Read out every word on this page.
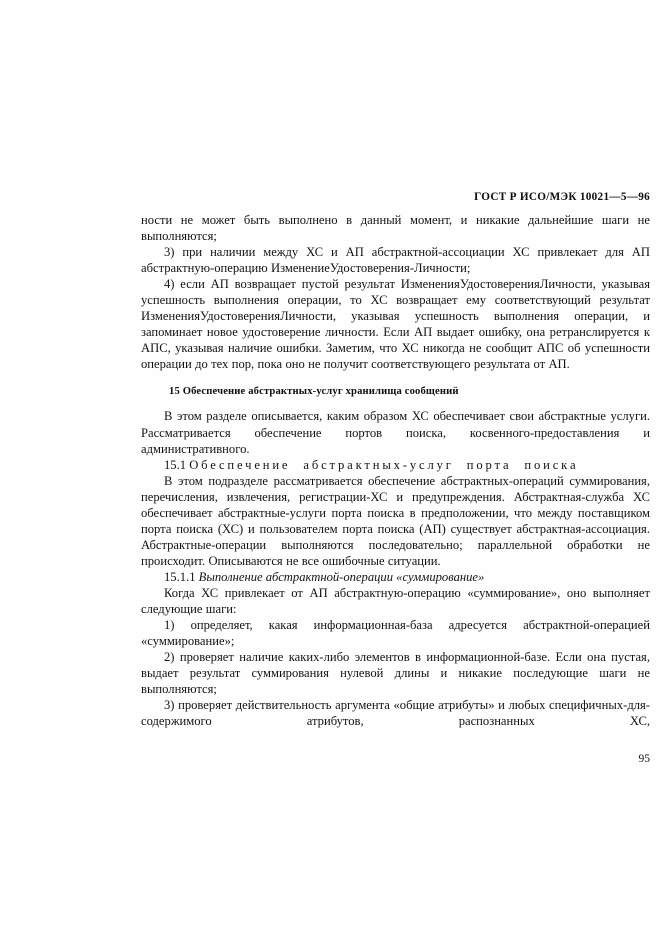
ГОСТ Р ИСО/МЭК 10021—5—96

ности не может быть выполнено в данный момент, и никакие дальнейшие шаги не выполняются;

3) при наличии между ХС и АП абстрактной-ассоциации ХС привлекает для АП абстрактную-операцию ИзменениеУдостоверения-Личности;

4) если АП возвращает пустой результат ИзмененияУдостоверенияЛичности, указывая успешность выполнения операции, то ХС возвращает ему соответствующий результат ИзмененияУдостоверенияЛичности, указывая успешность выполнения операции, и запоминает новое удостоверение личности. Если АП выдает ошибку, она ретранслируется к АПС, указывая наличие ошибки. Заметим, что ХС никогда не сообщит АПС об успешности операции до тех пор, пока оно не получит соответствующего результата от АП.

15 Обеспечение абстрактных-услуг хранилища сообщений

В этом разделе описывается, каким образом ХС обеспечивает свои абстрактные услуги. Рассматривается обеспечение портов поиска, косвенного-предоставления и административного.

15.1 Обеспечение абстрактных-услуг порта поиска

В этом подразделе рассматривается обеспечение абстрактных-операций суммирования, перечисления, извлечения, регистрации-ХС и предупреждения. Абстрактная-служба ХС обеспечивает абстрактные-услуги порта поиска в предположении, что между поставщиком порта поиска (ХС) и пользователем порта поиска (АП) существует абстрактная-ассоциация. Абстрактные-операции выполняются последовательно; параллельной обработки не происходит. Описываются не все ошибочные ситуации.

15.1.1 Выполнение абстрактной-операции «суммирование»

Когда ХС привлекает от АП абстрактную-операцию «суммирование», оно выполняет следующие шаги:

1) определяет, какая информационная-база адресуется абстрактной-операцией «суммирование»;

2) проверяет наличие каких-либо элементов в информационной-базе. Если она пустая, выдает результат суммирования нулевой длины и никакие последующие шаги не выполняются;

3) проверяет действительность аргумента «общие атрибуты» и любых специфичных-для-содержимого атрибутов, распознанных ХС,

95
